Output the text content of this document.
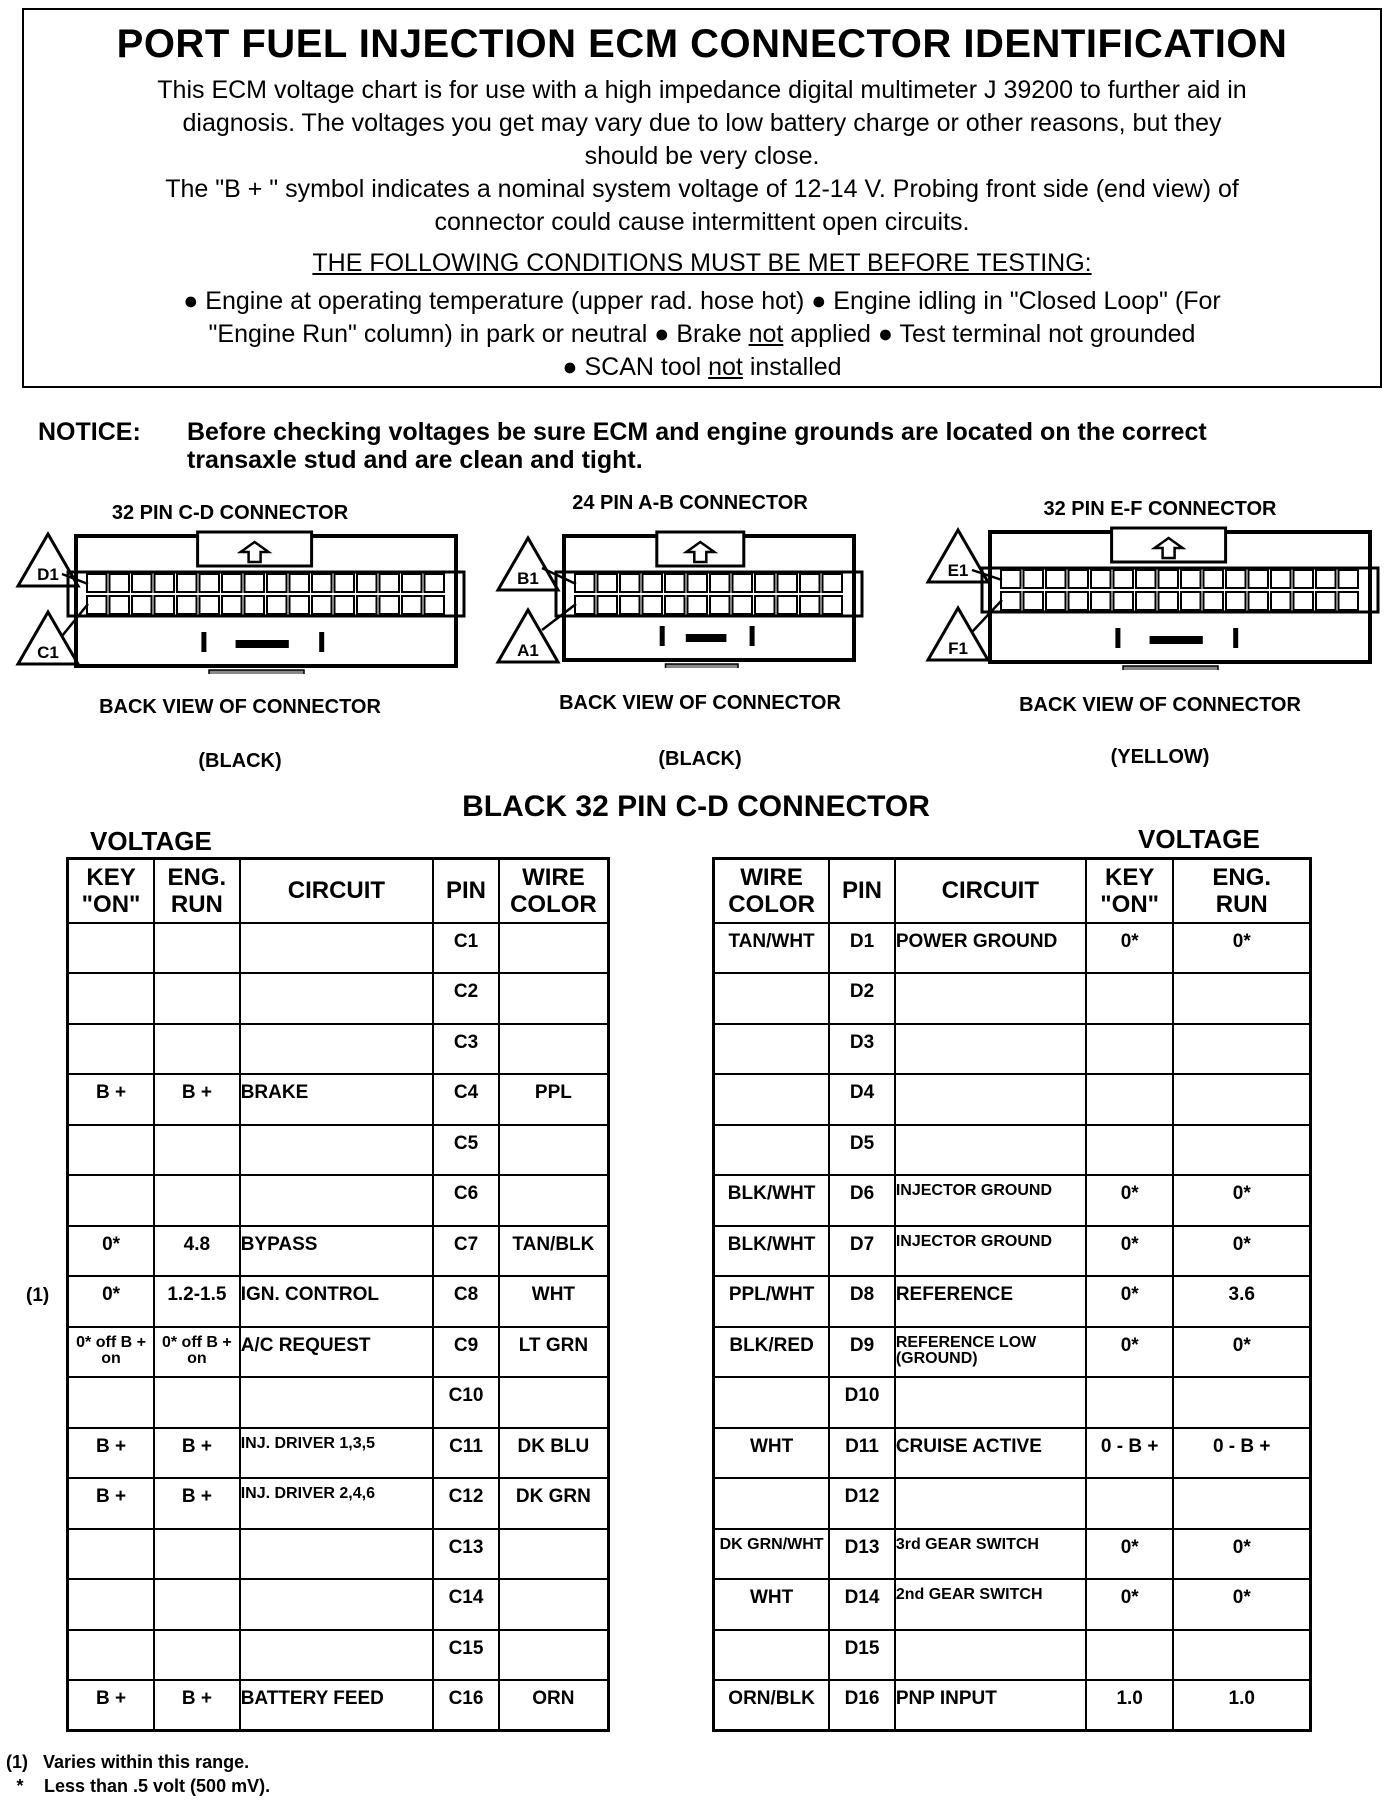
PORT FUEL INJECTION ECM CONNECTOR IDENTIFICATION
This ECM voltage chart is for use with a high impedance digital multimeter J 39200 to further aid in
diagnosis. The voltages you get may vary due to low battery charge or other reasons, but they
should be very close.
The "B + " symbol indicates a nominal system voltage of 12-14 V. Probing front side (end view) of
connector could cause intermittent open circuits.
THE FOLLOWING CONDITIONS MUST BE MET BEFORE TESTING:
● Engine at operating temperature (upper rad. hose hot) ● Engine idling in "Closed Loop" (For
"Engine Run" column) in park or neutral ● Brake not applied ● Test terminal not grounded
● SCAN tool not installed
NOTICE: Before checking voltages be sure ECM and engine grounds are located on the correct
transaxle stud and are clean and tight.
32 PIN C-D CONNECTOR
D1
C1
BACK VIEW OF CONNECTOR
(BLACK)
24 PIN A-B CONNECTOR
B1
A1
BACK VIEW OF CONNECTOR
(BLACK)
32 PIN E-F CONNECTOR
E1
F1
BACK VIEW OF CONNECTOR
(YELLOW)
BLACK 32 PIN C-D CONNECTOR
VOLTAGE	VOLTAGE
KEY
"ON"	ENG.
RUN	CIRCUIT	PIN	WIRE
COLOR
			C1	
			C2	
			C3	
B +	B +	BRAKE	C4	PPL
			C5	
			C6	
0*	4.8	BYPASS	C7	TAN/BLK
0*	1.2-1.5	IGN. CONTROL	C8	WHT
0* off B + on	0* off B + on	A/C REQUEST	C9	LT GRN
			C10	
B +	B +	INJ. DRIVER 1,3,5	C11	DK BLU
B +	B +	INJ. DRIVER 2,4,6	C12	DK GRN
			C13	
			C14	
			C15	
B +	B +	BATTERY FEED	C16	ORN
WIRE
COLOR	PIN	CIRCUIT	KEY
"ON"	ENG.
RUN
TAN/WHT	D1	POWER GROUND	0*	0*
	D2			
	D3			
	D4			
	D5			
BLK/WHT	D6	INJECTOR GROUND	0*	0*
BLK/WHT	D7	INJECTOR GROUND	0*	0*
PPL/WHT	D8	REFERENCE	0*	3.6
BLK/RED	D9	REFERENCE LOW (GROUND)	0*	0*
	D10			
WHT	D11	CRUISE ACTIVE	0 - B +	0 - B +
	D12			
DK GRN/WHT	D13	3rd GEAR SWITCH	0*	0*
WHT	D14	2nd GEAR SWITCH	0*	0*
	D15			
ORN/BLK	D16	PNP INPUT	1.0	1.0
(1) Varies within this range.
* Less than .5 volt (500 mV).
(1)
